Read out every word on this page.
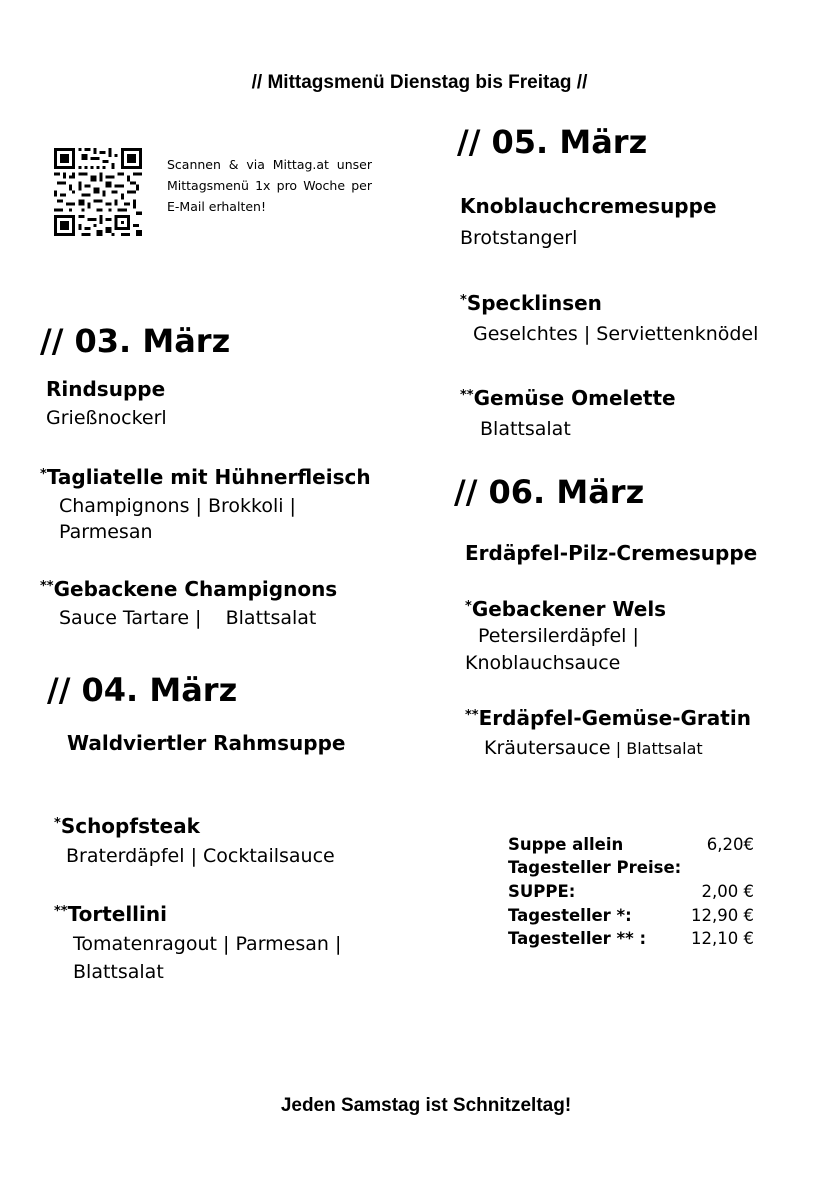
// Mittagsmenü Dienstag bis Freitag //
Scannen & via Mittag.at unser Mittagsmenü 1x pro Woche per E-Mail erhalten!
// 03. März
Rindsuppe
Grießnockerl
*Tagliatelle mit Hühnerfleisch
Champignons | Brokkoli |
Parmesan
**Gebackene Champignons
Sauce Tartare |    Blattsalat
// 04. März
Waldviertler Rahmsuppe
*Schopfsteak
Braterdäpfel | Cocktailsauce
**Tortellini
Tomatenragout | Parmesan |
Blattsalat
// 05. März
Knoblauchcremesuppe
Brotstangerl
*Specklinsen
Geselchtes | Serviettenknödel
**Gemüse Omelette
Blattsalat
// 06. März
Erdäpfel-Pilz-Cremesuppe
*Gebackener Wels
Petersilerdäpfel |
Knoblauchsauce
**Erdäpfel-Gemüse-Gratin
Kräutersauce | Blattsalat
Suppe allein	6,20€
Tagesteller Preise:
SUPPE:	2,00 €
Tagesteller *:	12,90 €
Tagesteller ** :	12,10 €
Jeden Samstag ist Schnitzeltag!
